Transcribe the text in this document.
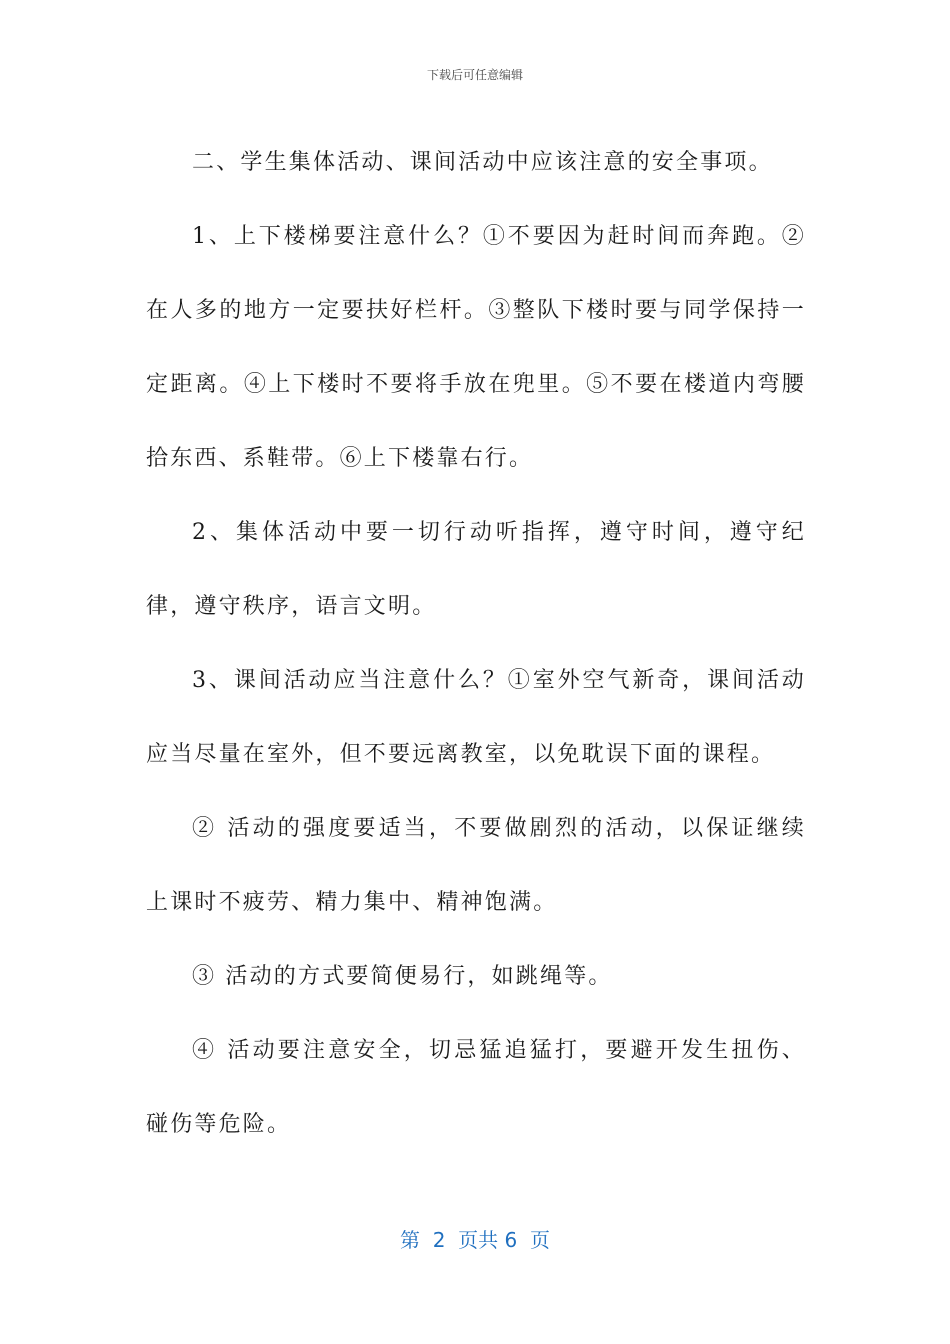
下载后可任意编辑

二、学生集体活动、课间活动中应该注意的安全事项。

1、上下楼梯要注意什么？①不要因为赶时间而奔跑。②在人多的地方一定要扶好栏杆。③整队下楼时要与同学保持一定距离。④上下楼时不要将手放在兜里。⑤不要在楼道内弯腰拾东西、系鞋带。⑥上下楼靠右行。

2、集体活动中要一切行动听指挥，遵守时间，遵守纪律，遵守秩序，语言文明。

3、课间活动应当注意什么？①室外空气新奇，课间活动应当尽量在室外，但不要远离教室，以免耽误下面的课程。

② 活动的强度要适当，不要做剧烈的活动，以保证继续上课时不疲劳、精力集中、精神饱满。

③ 活动的方式要简便易行，如跳绳等。

④ 活动要注意安全，切忌猛追猛打，要避开发生扭伤、碰伤等危险。

第  2  页共 6  页
